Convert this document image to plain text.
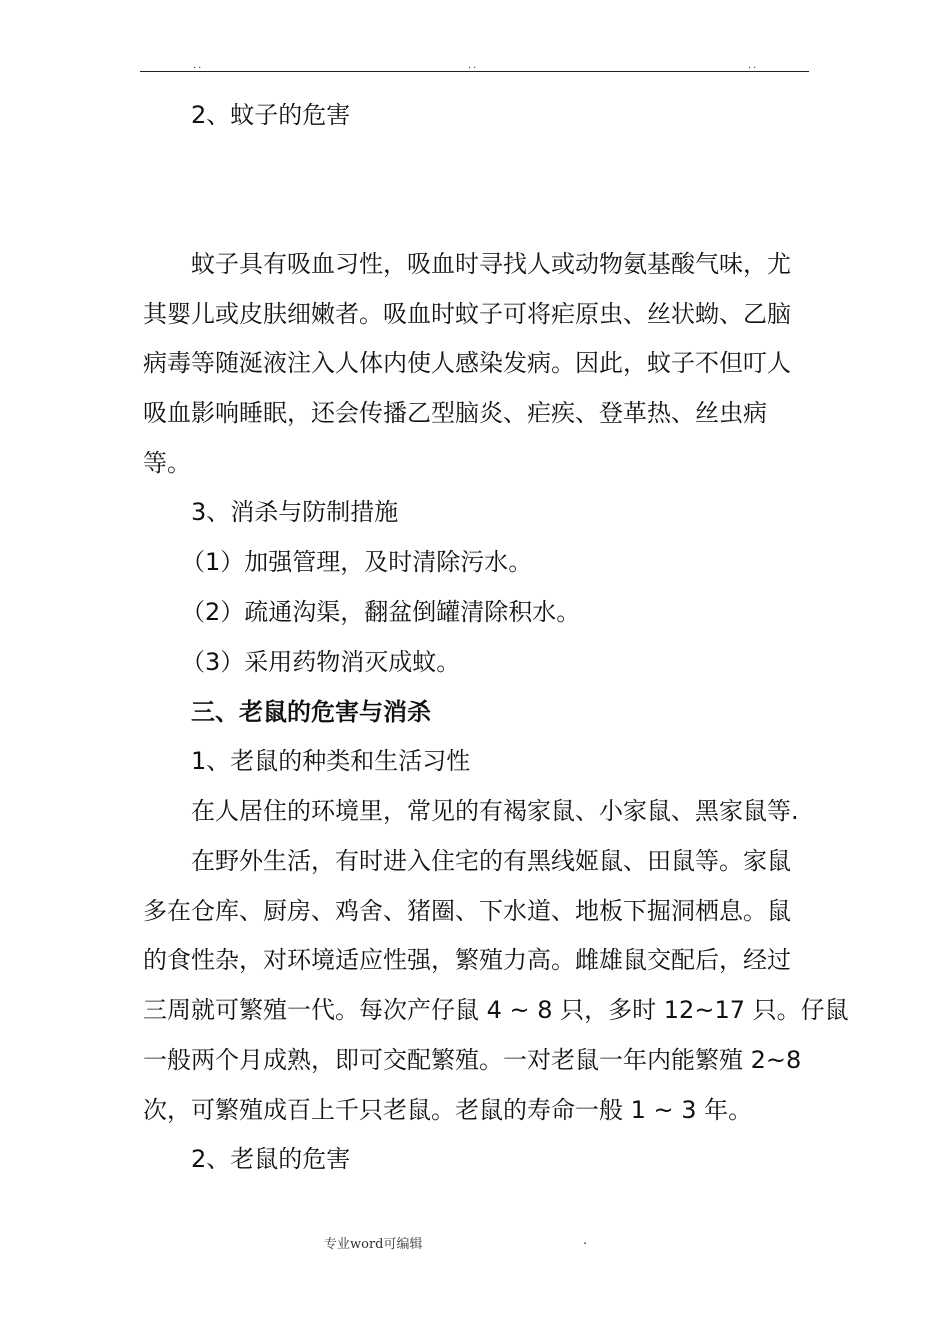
..	..	..
2、蚊子的危害
蚊子具有吸血习性，吸血时寻找人或动物氨基酸气味，尤
其婴儿或皮肤细嫩者。吸血时蚊子可将疟原虫、丝状蚴、乙脑
病毒等随涎液注入人体内使人感染发病。因此，蚊子不但叮人
吸血影响睡眠，还会传播乙型脑炎、疟疾、登革热、丝虫病
等。
3、消杀与防制措施
（1）加强管理，及时清除污水。
（2）疏通沟渠，翻盆倒罐清除积水。
（3）采用药物消灭成蚊。
三、老鼠的危害与消杀
1、老鼠的种类和生活习性
在人居住的环境里，常见的有褐家鼠、小家鼠、黑家鼠等.
在野外生活，有时进入住宅的有黑线姬鼠、田鼠等。家鼠
多在仓库、厨房、鸡舍、猪圈、下水道、地板下掘洞栖息。鼠
的食性杂，对环境适应性强，繁殖力高。雌雄鼠交配后，经过
三周就可繁殖一代。每次产仔鼠 4 ~ 8 只，多时 12~17 只。仔鼠
一般两个月成熟，即可交配繁殖。一对老鼠一年内能繁殖 2~8
次，可繁殖成百上千只老鼠。老鼠的寿命一般 1 ~ 3 年。
2、老鼠的危害
专业word可编辑	.
